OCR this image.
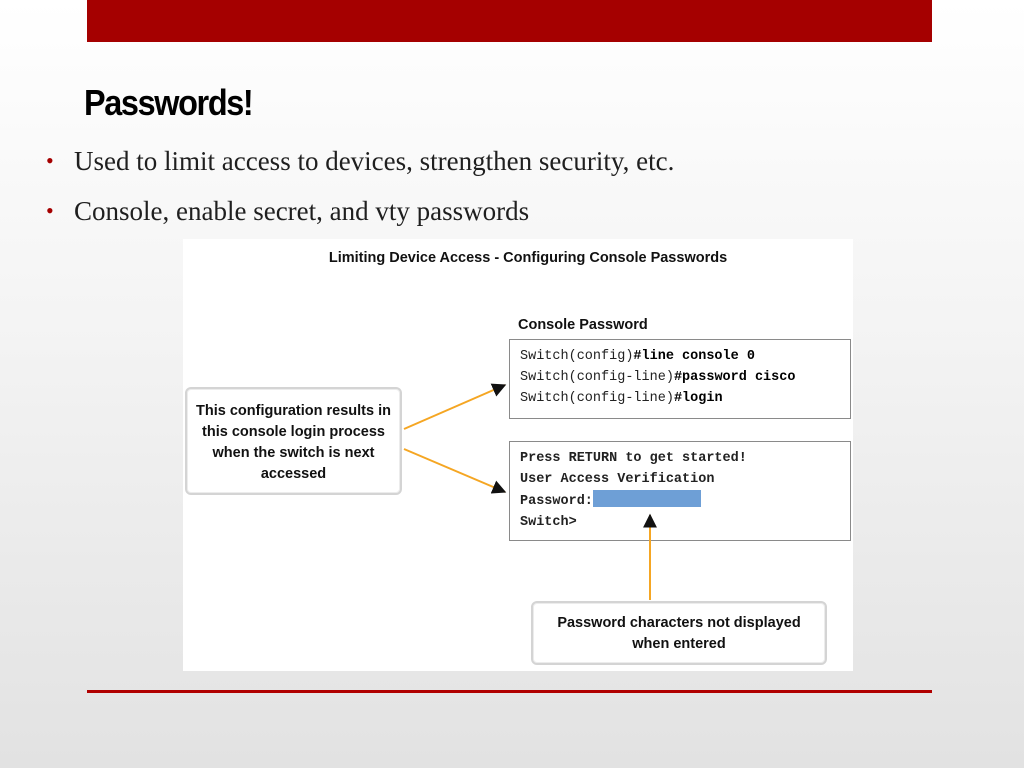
Passwords!
• Used to limit access to devices, strengthen security, etc.
• Console, enable secret, and vty passwords
Limiting Device Access - Configuring Console Passwords
Console Password
Switch(config)#line console 0
Switch(config-line)#password cisco
Switch(config-line)#login
Press RETURN to get started!
User Access Verification
Password:
Switch>
This configuration results in this console login process when the switch is next accessed
Password characters not displayed when entered
